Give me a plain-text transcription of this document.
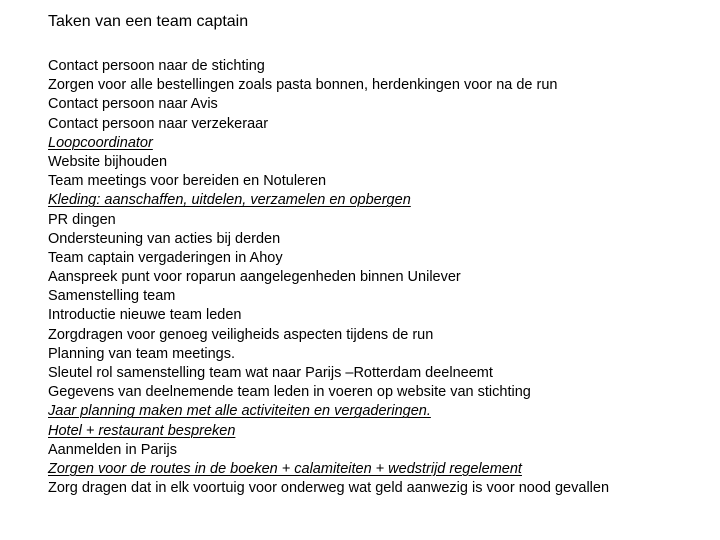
Taken van een team captain
Contact persoon naar de stichting
Zorgen voor alle bestellingen zoals pasta bonnen, herdenkingen voor na de run
Contact persoon naar Avis
Contact persoon naar verzekeraar
Loopcoordinator
Website bijhouden
Team meetings voor bereiden en Notuleren
Kleding: aanschaffen, uitdelen, verzamelen en opbergen
PR dingen
Ondersteuning van acties bij derden
Team captain vergaderingen in Ahoy
Aanspreek punt voor roparun aangelegenheden binnen Unilever
Samenstelling team
Introductie nieuwe team leden
Zorgdragen voor genoeg veiligheids aspecten tijdens de run
Planning van team meetings.
Sleutel rol samenstelling team wat naar Parijs –Rotterdam deelneemt
Gegevens van deelnemende team leden in voeren op website van stichting
Jaar planning maken met alle activiteiten en vergaderingen.
Hotel + restaurant bespreken
Aanmelden in Parijs
Zorgen voor de routes in de boeken + calamiteiten + wedstrijd regelement
Zorg dragen dat in elk voortuig voor onderweg wat geld aanwezig is voor nood gevallen
